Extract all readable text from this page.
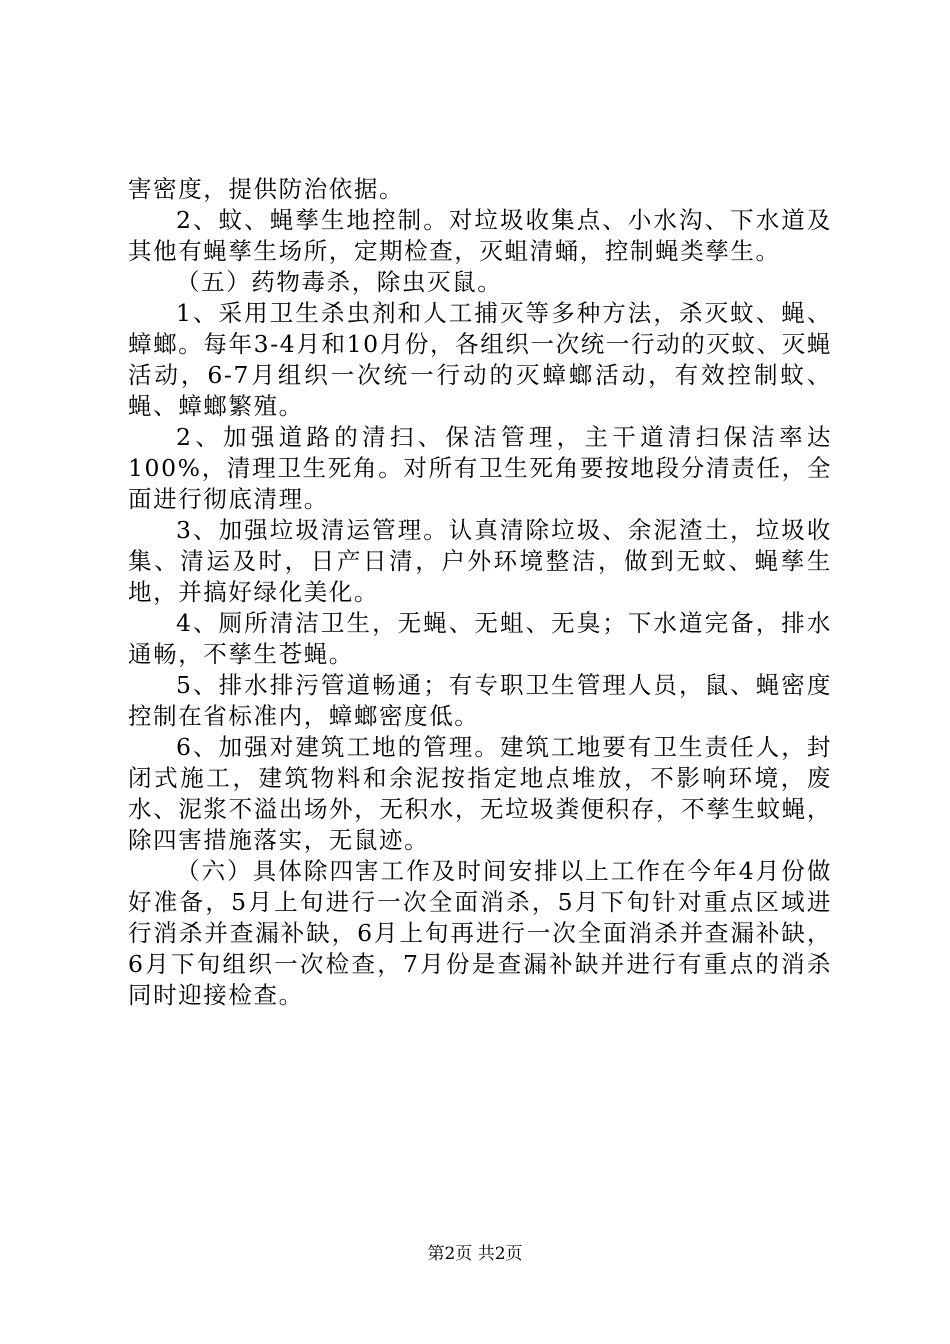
害密度，提供防治依据。

2、蚊、蝇孳生地控制。对垃圾收集点、小水沟、下水道及其他有蝇孳生场所，定期检查，灭蛆清蛹，控制蝇类孳生。

（五）药物毒杀，除虫灭鼠。

1、采用卫生杀虫剂和人工捕灭等多种方法，杀灭蚊、蝇、蟑螂。每年3-4月和10月份，各组织一次统一行动的灭蚊、灭蝇活动，6-7月组织一次统一行动的灭蟑螂活动，有效控制蚊、蝇、蟑螂繁殖。

2、加强道路的清扫、保洁管理，主干道清扫保洁率达100%，清理卫生死角。对所有卫生死角要按地段分清责任，全面进行彻底清理。

3、加强垃圾清运管理。认真清除垃圾、余泥渣土，垃圾收集、清运及时，日产日清，户外环境整洁，做到无蚊、蝇孳生地，并搞好绿化美化。

4、厕所清洁卫生，无蝇、无蛆、无臭；下水道完备，排水通畅，不孳生苍蝇。

5、排水排污管道畅通；有专职卫生管理人员，鼠、蝇密度控制在省标准内，蟑螂密度低。

6、加强对建筑工地的管理。建筑工地要有卫生责任人，封闭式施工，建筑物料和余泥按指定地点堆放，不影响环境，废水、泥浆不溢出场外，无积水，无垃圾粪便积存，不孳生蚊蝇，除四害措施落实，无鼠迹。

（六）具体除四害工作及时间安排以上工作在今年4月份做好准备，5月上旬进行一次全面消杀，5月下旬针对重点区域进行消杀并查漏补缺，6月上旬再进行一次全面消杀并查漏补缺，6月下旬组织一次检查，7月份是查漏补缺并进行有重点的消杀同时迎接检查。

第2页 共2页
